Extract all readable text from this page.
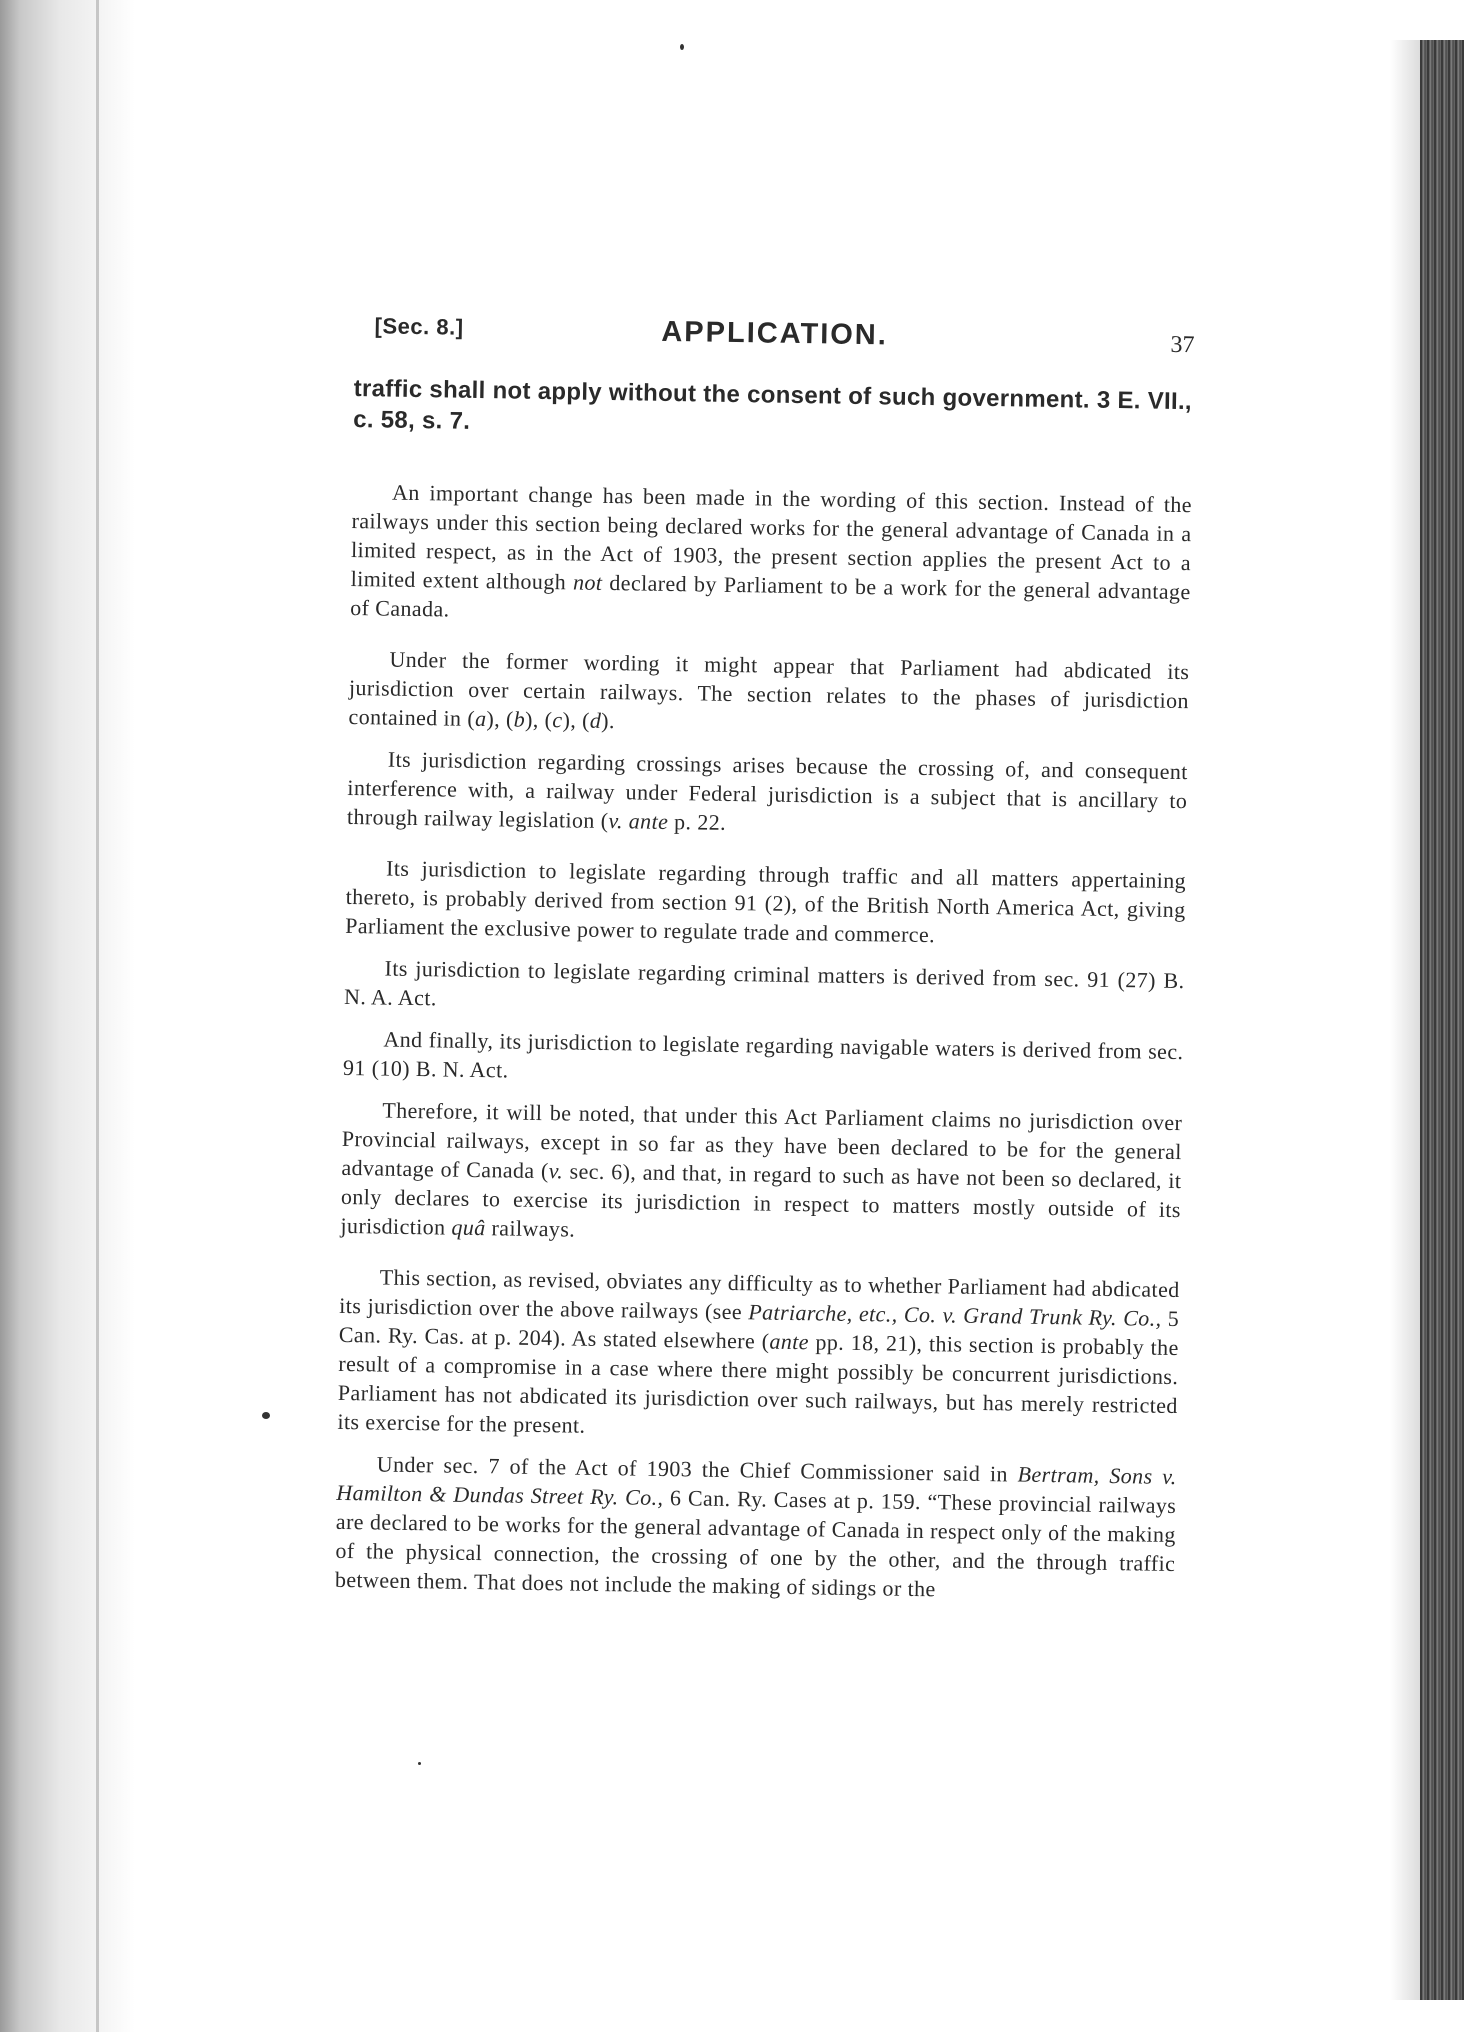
[Sec. 8.]	APPLICATION.	37
traffic shall not apply without the consent of such government. 3 E. VII., c. 58, s. 7.

An important change has been made in the wording of this section. Instead of the railways under this section being declared works for the general advantage of Canada in a limited respect, as in the Act of 1903, the present section applies the present Act to a limited extent although not declared by Parliament to be a work for the general advantage of Canada.

Under the former wording it might appear that Parliament had abdicated its jurisdiction over certain railways. The section relates to the phases of jurisdiction contained in (a), (b), (c), (d).

Its jurisdiction regarding crossings arises because the crossing of, and consequent interference with, a railway under Federal jurisdiction is a subject that is ancillary to through railway legislation (v. ante p. 22.

Its jurisdiction to legislate regarding through traffic and all matters appertaining thereto, is probably derived from section 91 (2), of the British North America Act, giving Parliament the exclusive power to regulate trade and commerce.

Its jurisdiction to legislate regarding criminal matters is derived from sec. 91 (27) B. N. A. Act.

And finally, its jurisdiction to legislate regarding navigable waters is derived from sec. 91 (10) B. N. Act.

Therefore, it will be noted, that under this Act Parliament claims no jurisdiction over Provincial railways, except in so far as they have been declared to be for the general advantage of Canada (v. sec. 6), and that, in regard to such as have not been so declared, it only declares to exercise its jurisdiction in respect to matters mostly outside of its jurisdiction quâ railways.

This section, as revised, obviates any difficulty as to whether Parliament had abdicated its jurisdiction over the above railways (see Patriarche, etc., Co. v. Grand Trunk Ry. Co., 5 Can. Ry. Cas. at p. 204). As stated elsewhere (ante pp. 18, 21), this section is probably the result of a compromise in a case where there might possibly be concurrent jurisdictions. Parliament has not abdicated its jurisdiction over such railways, but has merely restricted its exercise for the present.

Under sec. 7 of the Act of 1903 the Chief Commissioner said in Bertram, Sons v. Hamilton & Dundas Street Ry. Co., 6 Can. Ry. Cases at p. 159. “These provincial railways are declared to be works for the general advantage of Canada in respect only of the making of the physical connection, the crossing of one by the other, and the through traffic between them. That does not include the making of sidings or the
